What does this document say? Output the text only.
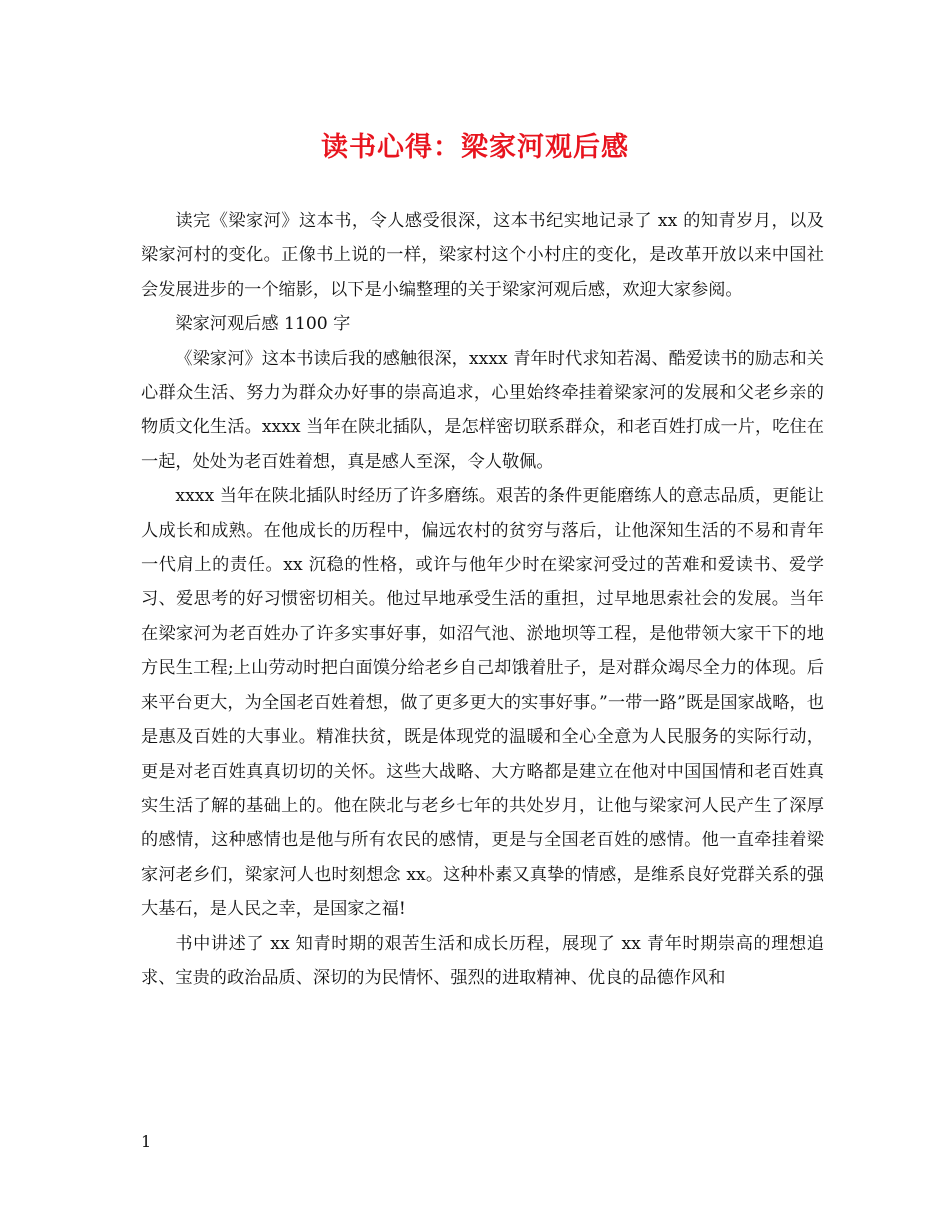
读书心得：梁家河观后感

读完《梁家河》这本书，令人感受很深，这本书纪实地记录了 xx 的知青岁月，以及梁家河村的变化。正像书上说的一样，梁家村这个小村庄的变化，是改革开放以来中国社会发展进步的一个缩影，以下是小编整理的关于梁家河观后感，欢迎大家参阅。

梁家河观后感 1100 字

《梁家河》这本书读后我的感触很深，xxxx 青年时代求知若渴、酷爱读书的励志和关心群众生活、努力为群众办好事的崇高追求，心里始终牵挂着梁家河的发展和父老乡亲的物质文化生活。xxxx 当年在陕北插队，是怎样密切联系群众，和老百姓打成一片，吃住在一起，处处为老百姓着想，真是感人至深，令人敬佩。

xxxx 当年在陕北插队时经历了许多磨练。艰苦的条件更能磨练人的意志品质，更能让人成长和成熟。在他成长的历程中，偏远农村的贫穷与落后，让他深知生活的不易和青年一代肩上的责任。xx 沉稳的性格，或许与他年少时在梁家河受过的苦难和爱读书、爱学习、爱思考的好习惯密切相关。他过早地承受生活的重担，过早地思索社会的发展。当年在梁家河为老百姓办了许多实事好事，如沼气池、淤地坝等工程，是他带领大家干下的地方民生工程;上山劳动时把白面馍分给老乡自己却饿着肚子，是对群众竭尽全力的体现。后来平台更大，为全国老百姓着想，做了更多更大的实事好事。”一带一路”既是国家战略，也是惠及百姓的大事业。精准扶贫，既是体现党的温暖和全心全意为人民服务的实际行动，更是对老百姓真真切切的关怀。这些大战略、大方略都是建立在他对中国国情和老百姓真实生活了解的基础上的。他在陕北与老乡七年的共处岁月，让他与梁家河人民产生了深厚的感情，这种感情也是他与所有农民的感情，更是与全国老百姓的感情。他一直牵挂着梁家河老乡们，梁家河人也时刻想念 xx。这种朴素又真挚的情感，是维系良好党群关系的强大基石，是人民之幸，是国家之福!

书中讲述了 xx 知青时期的艰苦生活和成长历程，展现了 xx 青年时期崇高的理想追求、宝贵的政治品质、深切的为民情怀、强烈的进取精神、优良的品德作风和

1
